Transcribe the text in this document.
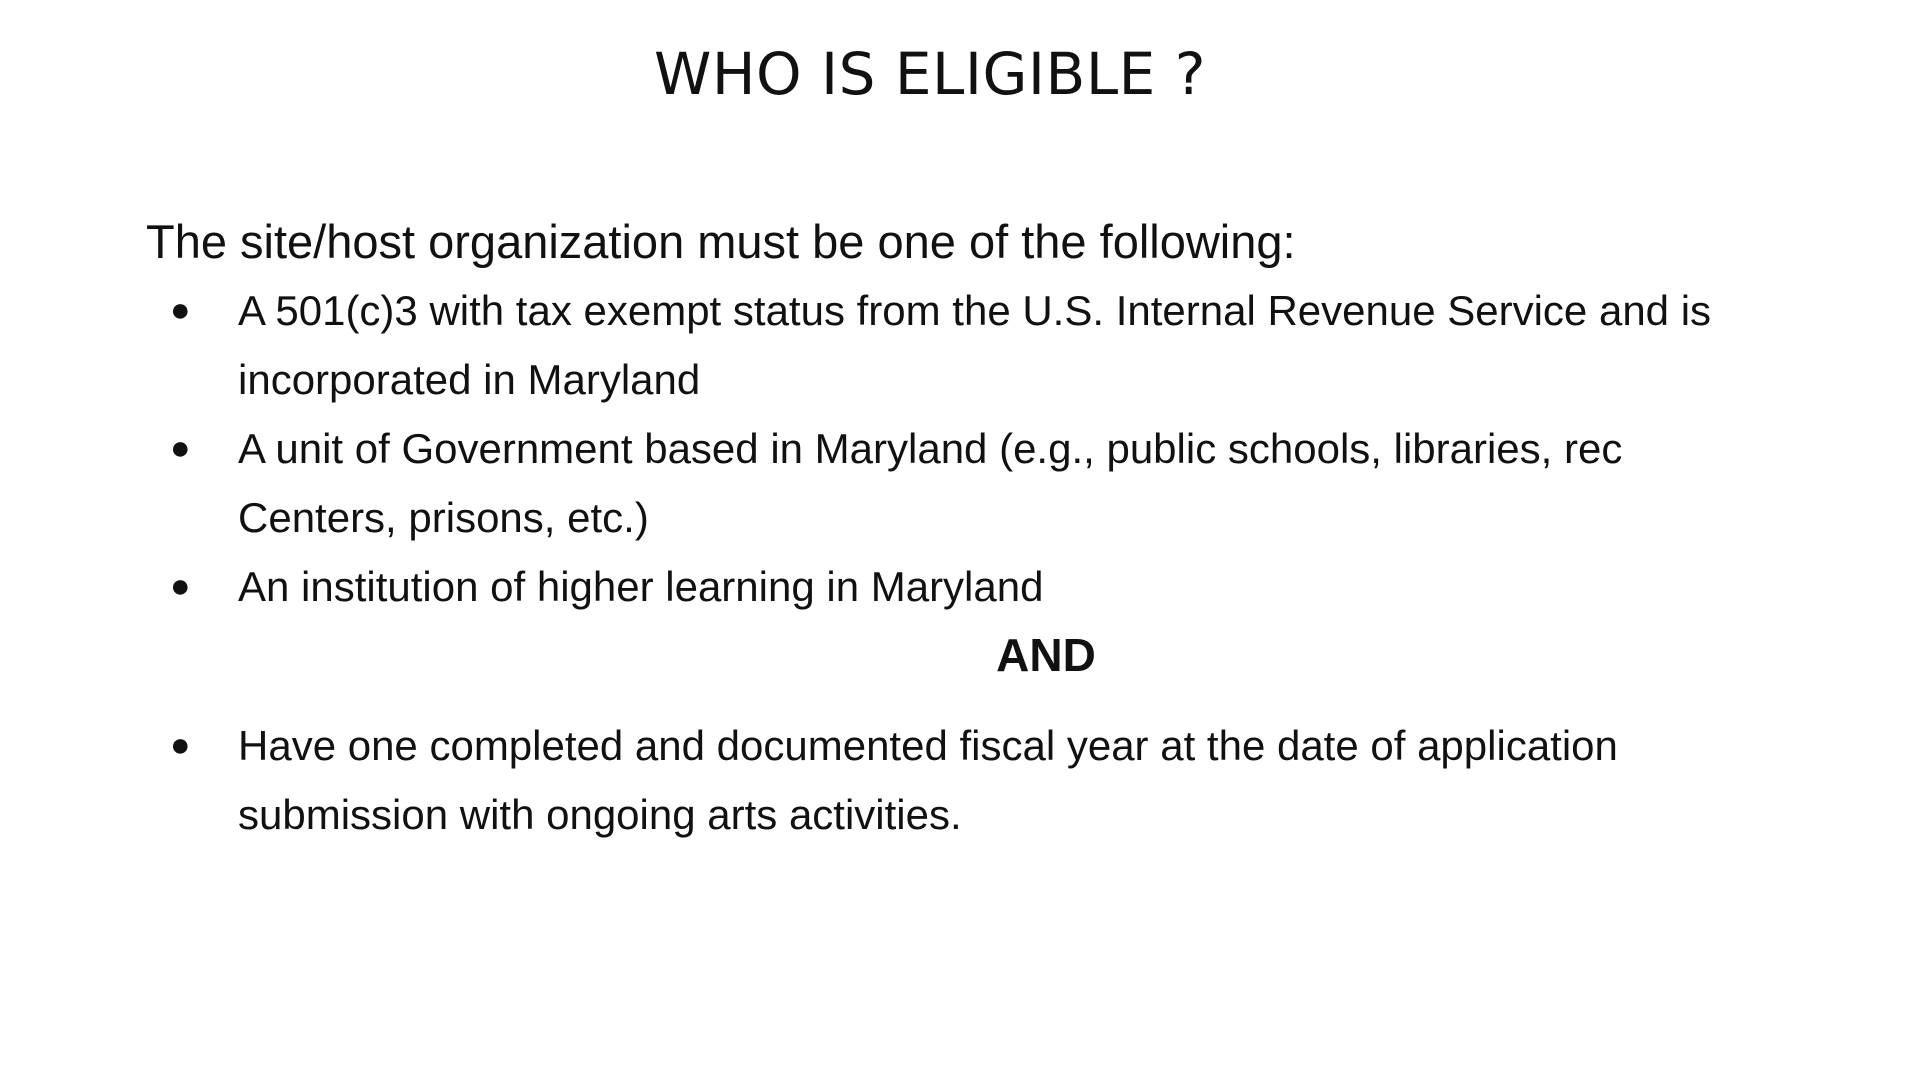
WHO IS ELIGIBLE ?

The site/host organization must be one of the following:

●	A 501(c)3 with tax exempt status from the U.S. Internal Revenue Service and is incorporated in Maryland
●	A unit of Government based in Maryland (e.g., public schools, libraries, rec Centers, prisons, etc.)
●	An institution of higher learning in Maryland
AND
●	Have one completed and documented fiscal year at the date of application submission with ongoing arts activities.
